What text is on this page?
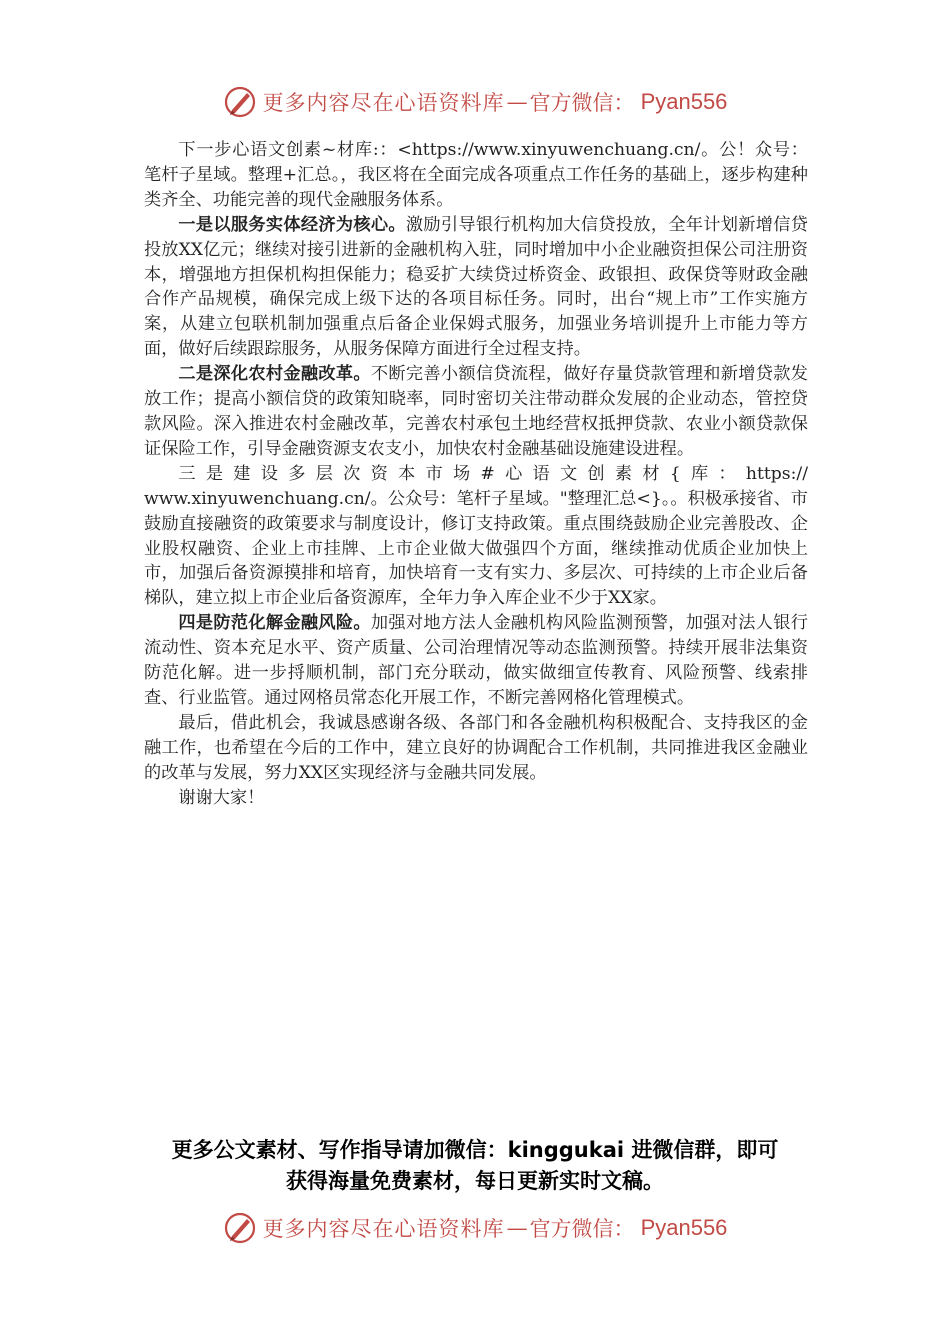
更多内容尽在心语资料库 — 官方微信： Pyan556

下一步心语文创素~材库:：<https://www.xinyuwenchuang.cn/。公！众号：笔杆子星域。整理+汇总。，我区将在全面完成各项重点工作任务的基础上，逐步构建种类齐全、功能完善的现代金融服务体系。

一是以服务实体经济为核心。激励引导银行机构加大信贷投放，全年计划新增信贷投放XX亿元；继续对接引进新的金融机构入驻，同时增加中小企业融资担保公司注册资本，增强地方担保机构担保能力；稳妥扩大续贷过桥资金、政银担、政保贷等财政金融合作产品规模，确保完成上级下达的各项目标任务。同时，出台“规上市”工作实施方案，从建立包联机制加强重点后备企业保姆式服务，加强业务培训提升上市能力等方面，做好后续跟踪服务，从服务保障方面进行全过程支持。

二是深化农村金融改革。不断完善小额信贷流程，做好存量贷款管理和新增贷款发放工作；提高小额信贷的政策知晓率，同时密切关注带动群众发展的企业动态，管控贷款风险。深入推进农村金融改革，完善农村承包土地经营权抵押贷款、农业小额贷款保证保险工作，引导金融资源支农支小，加快农村金融基础设施建设进程。

三是建设多层次资本市场#心语文创素材{库：https://

www.xinyuwenchuang.cn/。公众号：笔杆子星域。"整理汇总<}。。积极承接省、市鼓励直接融资的政策要求与制度设计，修订支持政策。重点围绕鼓励企业完善股改、企业股权融资、企业上市挂牌、上市企业做大做强四个方面，继续推动优质企业加快上市，加强后备资源摸排和培育，加快培育一支有实力、多层次、可持续的上市企业后备梯队，建立拟上市企业后备资源库，全年力争入库企业不少于XX家。

四是防范化解金融风险。加强对地方法人金融机构风险监测预警，加强对法人银行流动性、资本充足水平、资产质量、公司治理情况等动态监测预警。持续开展非法集资防范化解。进一步捋顺机制，部门充分联动，做实做细宣传教育、风险预警、线索排查、行业监管。通过网格员常态化开展工作，不断完善网格化管理模式。

最后，借此机会，我诚恳感谢各级、各部门和各金融机构积极配合、支持我区的金融工作，也希望在今后的工作中，建立良好的协调配合工作机制，共同推进我区金融业的改革与发展，努力XX区实现经济与金融共同发展。

谢谢大家！

更多公文素材、写作指导请加微信：kinggukai 进微信群，即可
获得海量免费素材，每日更新实时文稿。
更多内容尽在心语资料库 — 官方微信： Pyan556
